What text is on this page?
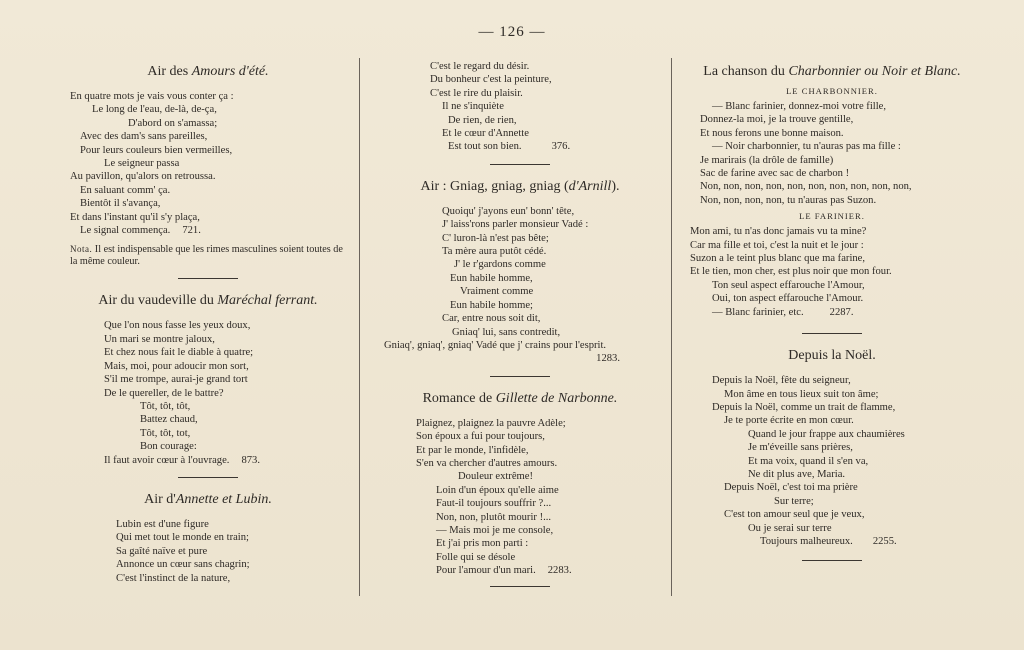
— 126 —
Air des Amours d'été.
En quatre mots je vais vous conter ça :
Le long de l'eau, de-là, de-ça,
D'abord on s'amassa;
Avec des dam's sans pareilles,
Pour leurs couleurs bien vermeilles,
Le seigneur passa
Au pavillon, qu'alors on retroussa.
En saluant comm' ça.
Bientôt il s'avança,
Et dans l'instant qu'il s'y plaça,
Le signal commença. 721.
Nota. Il est indispensable que les rimes masculines soient toutes de la même couleur.
Air du vaudeville du Maréchal ferrant.
Que l'on nous fasse les yeux doux,
Un mari se montre jaloux,
Et chez nous fait le diable à quatre;
Mais, moi, pour adoucir mon sort,
S'il me trompe, aurai-je grand tort
De le quereller, de le battre?
Tôt, tôt, tôt,
Battez chaud,
Tôt, tôt, tot,
Bon courage:
Il faut avoir cœur à l'ouvrage. 873.
Air d'Annette et Lubin.
Lubin est d'une figure
Qui met tout le monde en train;
Sa gaîté naïve et pure
Annonce un cœur sans chagrin;
C'est l'instinct de la nature,
C'est le regard du désir.
Du bonheur c'est la peinture,
C'est le rire du plaisir.
Il ne s'inquiète
De rien, de rien,
Et le cœur d'Annette
Est tout son bien.	376.
Air : Gniag, gniag, gniag (d'Arnill).
Quoiqu' j'ayons eun' bonn' tête,
J' laiss'rons parler monsieur Vadé :
C' luron-là n'est pas bête;
Ta mère aura putôt cédé.
J' le r'gardons comme
Eun habile homme,
Vraiment comme
Eun habile homme;
Car, entre nous soit dit,
Gniaq' lui, sans contredit,
Gniaq', gniaq', gniaq' Vadé que j' crains pour l'esprit.
1283.
Romance de Gillette de Narbonne.
Plaignez, plaignez la pauvre Adèle;
Son époux a fui pour toujours,
Et par le monde, l'infidèle,
S'en va chercher d'autres amours.
Douleur extrême!
Loin d'un époux qu'elle aime
Faut-il toujours souffrir ?...
Non, non, plutôt mourir !...
— Mais moi je me console,
Et j'ai pris mon parti :
Folle qui se désole
Pour l'amour d'un mari. 2283.
La chanson du Charbonnier ou Noir et Blanc.
LE CHARBONNIER.
— Blanc farinier, donnez-moi votre fille,
Donnez-la moi, je la trouve gentille,
Et nous ferons une bonne maison.
— Noir charbonnier, tu n'auras pas ma fille :
Je marirais (la drôle de famille)
Sac de farine avec sac de charbon !
Non, non, non, non, non, non, non, non, non, non,
Non, non, non, non, tu n'auras pas Suzon.
LE FARINIER.
Mon ami, tu n'as donc jamais vu ta mine?
Car ma fille et toi, c'est la nuit et le jour :
Suzon a le teint plus blanc que ma farine,
Et le tien, mon cher, est plus noir que mon four.
Ton seul aspect effarouche l'Amour,
Oui, ton aspect effarouche l'Amour.
— Blanc farinier, etc. 2287.
Depuis la Noël.
Depuis la Noël, fête du seigneur,
Mon âme en tous lieux suit ton âme;
Depuis la Noël, comme un trait de flamme,
Je te porte écrite en mon cœur.
Quand le jour frappe aux chaumières
Je m'éveille sans prières,
Et ma voix, quand il s'en va,
Ne dit plus ave, Maria.
Depuis Noël, c'est toi ma prière
Sur terre;
C'est ton amour seul que je veux,
Ou je serai sur terre
Toujours malheureux. 2255.
